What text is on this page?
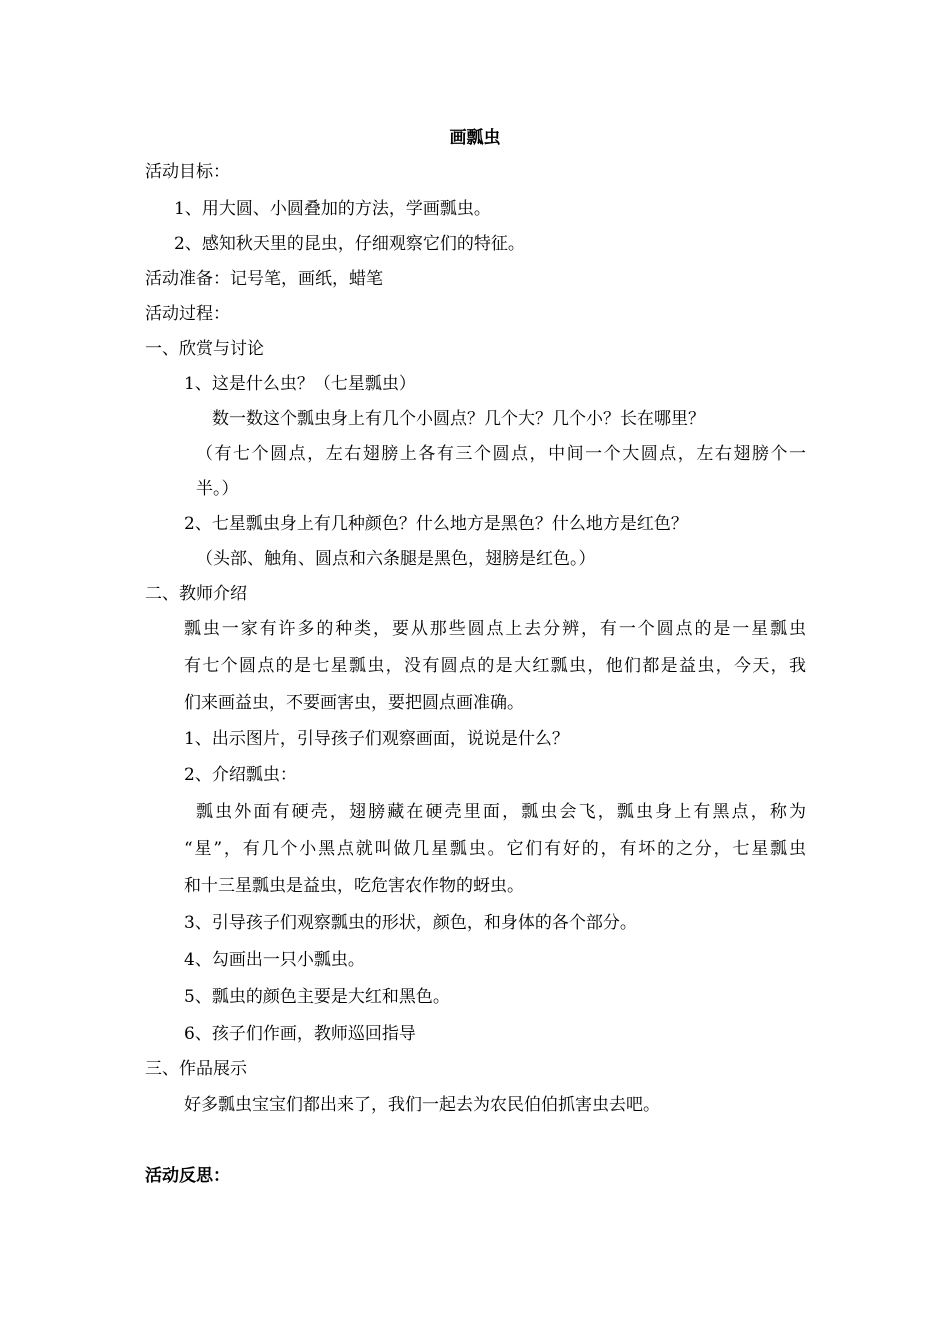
画瓢虫
活动目标：
1、用大圆、小圆叠加的方法，学画瓢虫。
2、感知秋天里的昆虫，仔细观察它们的特征。
活动准备：记号笔，画纸，蜡笔
活动过程：
一、欣赏与讨论
1、这是什么虫？（七星瓢虫）
数一数这个瓢虫身上有几个小圆点？几个大？几个小？长在哪里？
（有七个圆点，左右翅膀上各有三个圆点，中间一个大圆点，左右翅膀个一
半。）
2、七星瓢虫身上有几种颜色？什么地方是黑色？什么地方是红色？
（头部、触角、圆点和六条腿是黑色，翅膀是红色。）
二、教师介绍
瓢虫一家有许多的种类，要从那些圆点上去分辨，有一个圆点的是一星瓢虫
有七个圆点的是七星瓢虫，没有圆点的是大红瓢虫，他们都是益虫，今天，我
们来画益虫，不要画害虫，要把圆点画准确。
1、出示图片，引导孩子们观察画面，说说是什么？
2、介绍瓢虫：
瓢虫外面有硬壳，翅膀藏在硬壳里面，瓢虫会飞，瓢虫身上有黑点，称为
“星”，有几个小黑点就叫做几星瓢虫。它们有好的，有坏的之分，七星瓢虫
和十三星瓢虫是益虫，吃危害农作物的蚜虫。
3、引导孩子们观察瓢虫的形状，颜色，和身体的各个部分。
4、勾画出一只小瓢虫。
5、瓢虫的颜色主要是大红和黑色。
6、孩子们作画，教师巡回指导
三、作品展示
好多瓢虫宝宝们都出来了，我们一起去为农民伯伯抓害虫去吧。
活动反思：
